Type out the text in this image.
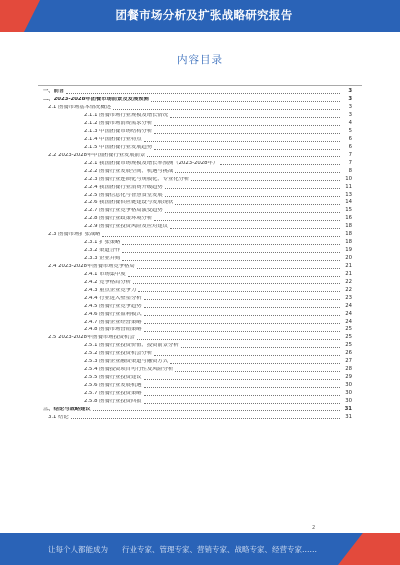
团餐市场分析及扩张战略研究报告
内容目录
一、前言	3
二、2023-2028年团餐市场前景及发展预测	3
2.1 团餐市场基本情况概述	3
2.1.1 团餐市场行业规模及增长情况	3
2.1.2 团餐市场消费需求分析	4
2.1.3 中国团餐市场结构分析	5
2.1.4 中国团餐行业特点	6
2.1.5 中国团餐行业发展趋势	6
2.2 2023-2028年中国团餐行业发展前景	7
2.2.1 我国团餐市场规模及增长率预测（2023-2028年）	7
2.2.2 团餐行业发展空间、机遇与挑战	8
2.2.3 团餐行业连锁化与规模化、专业化分析	10
2.2.4 我国团餐行业消费升级趋势	11
2.2.5 团餐信息化与智慧食堂发展	13
2.2.6 我国团餐供应链建设与发展现状	14
2.2.7 团餐行业竞争格局演变趋势	15
2.2.8 团餐行业政策环境分析	16
2.2.9 团餐行业投资风险及应对建议	18
2.3 团餐市场扩张战略	18
2.3.1 扩张策略	18
2.3.2 渠道合作	19
2.3.3 企业并购	20
2.4 2023-2028年团餐市场竞争格局	21
2.4.1 市场集中度	21
2.4.2 竞争格局分析	22
2.4.3 重点企业竞争力	22
2.4.4 行业进入壁垒分析	23
2.4.5 团餐行业竞争趋势	24
2.4.6 团餐行业盈利模式	24
2.4.7 团餐企业经营策略	24
2.4.8 团餐市场营销策略	25
2.5 2023-2028年团餐市场投资机会	25
2.5.1 团餐行业投资价值、投资前景分析	25
2.5.2 团餐行业投资机会分析	26
2.5.3 团餐企业融资渠道与融资方式	27
2.5.4 团餐投资项目可行性及风险分析	28
2.5.5 团餐行业投资建议	29
2.5.6 团餐行业发展机遇	30
2.5.7 团餐行业投资策略	30
2.5.8 团餐行业投资回报	30
三、结论与战略建议	31
3.1 结论	31
2
让每个人都能成为 行业专家、管理专家、营销专家、战略专家、经营专家……
